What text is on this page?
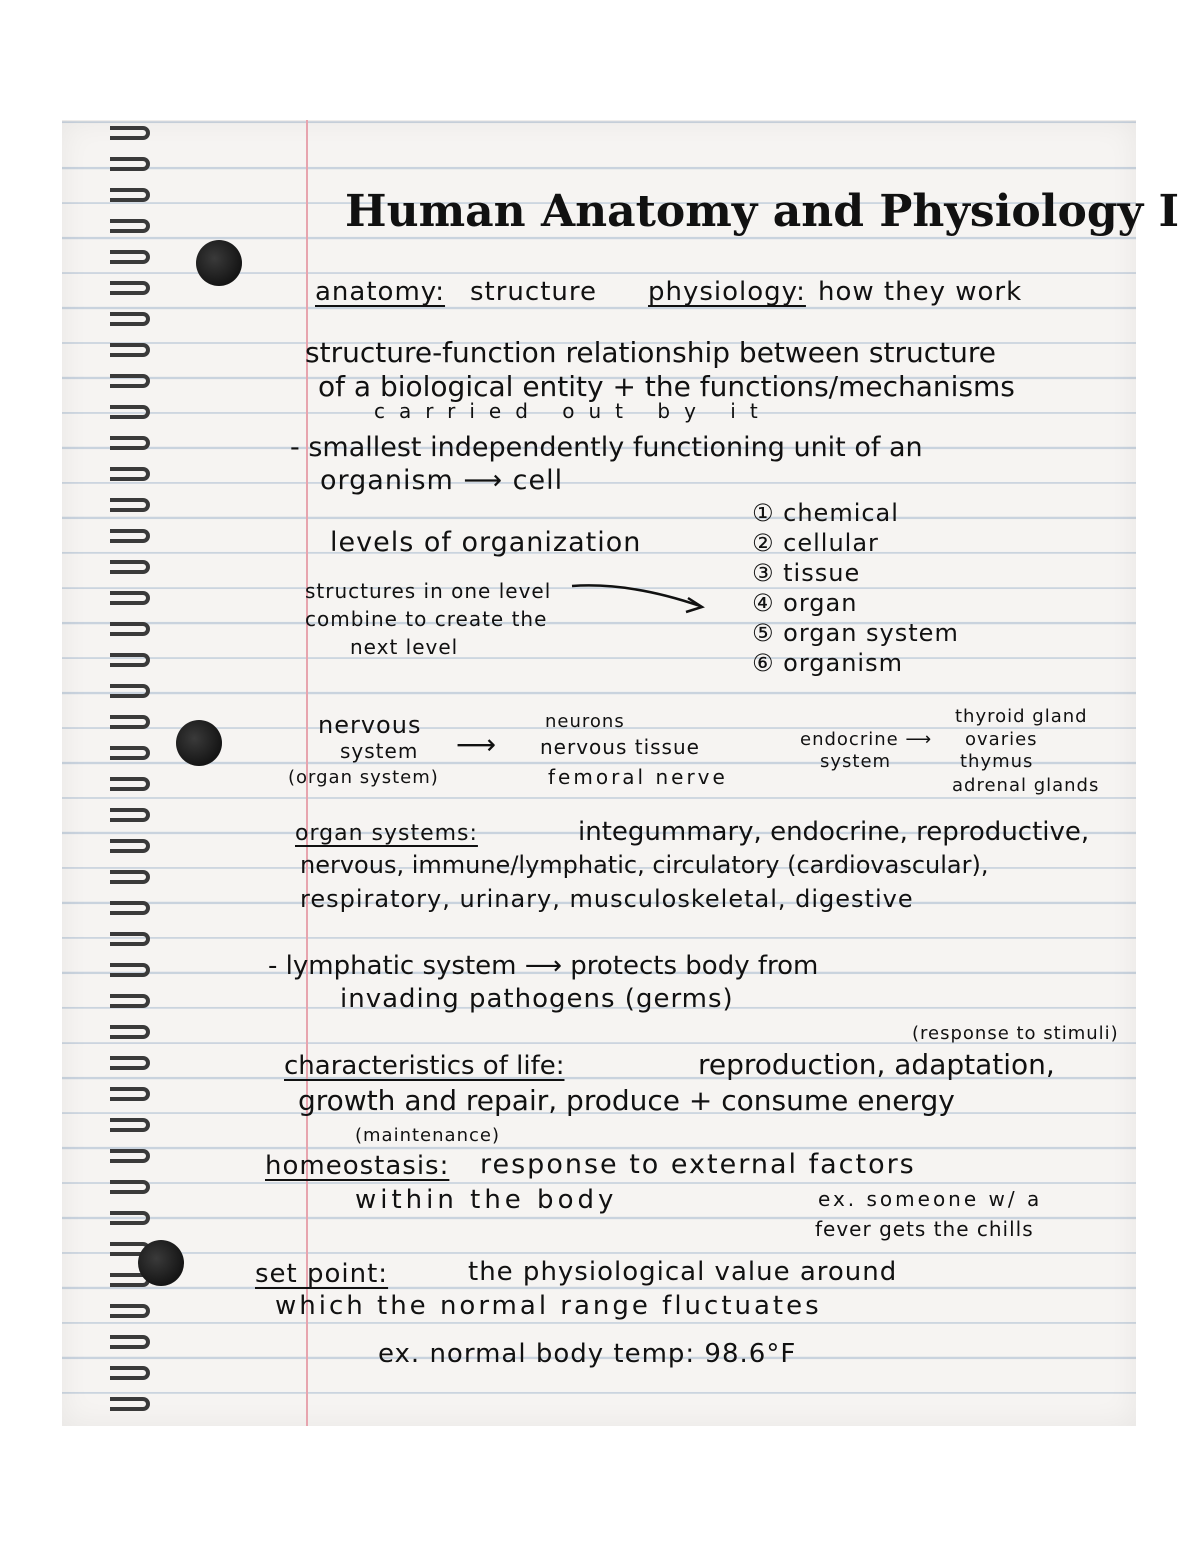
Human Anatomy and Physiology I
anatomy: structure physiology: how they work
structure-function relationship between structure
of a biological entity + the functions/mechanisms
carried out by it
- smallest independently functioning unit of an
organism ⟶ cell
levels of organization
① chemical
② cellular
③ tissue
④ organ
⑤ organ system
⑥ organism
structures in one level
combine to create the
next level
nervous
system
(organ system)
⟶
neurons
nervous tissue
femoral nerve
endocrine ⟶
system
thyroid gland
ovaries
thymus
adrenal glands
organ systems:	integummary, endocrine, reproductive,
nervous, immune/lymphatic, circulatory (cardiovascular),
respiratory, urinary, musculoskeletal, digestive
- lymphatic system ⟶ protects body from
invading pathogens (germs)
(response to stimuli)
characteristics of life:	reproduction, adaptation,
growth and repair, produce + consume energy
(maintenance)
homeostasis: response to external factors
within the body	ex. someone w/ a
fever gets the chills
set point:	the physiological value around
which the normal range fluctuates
ex. normal body temp: 98.6°F
